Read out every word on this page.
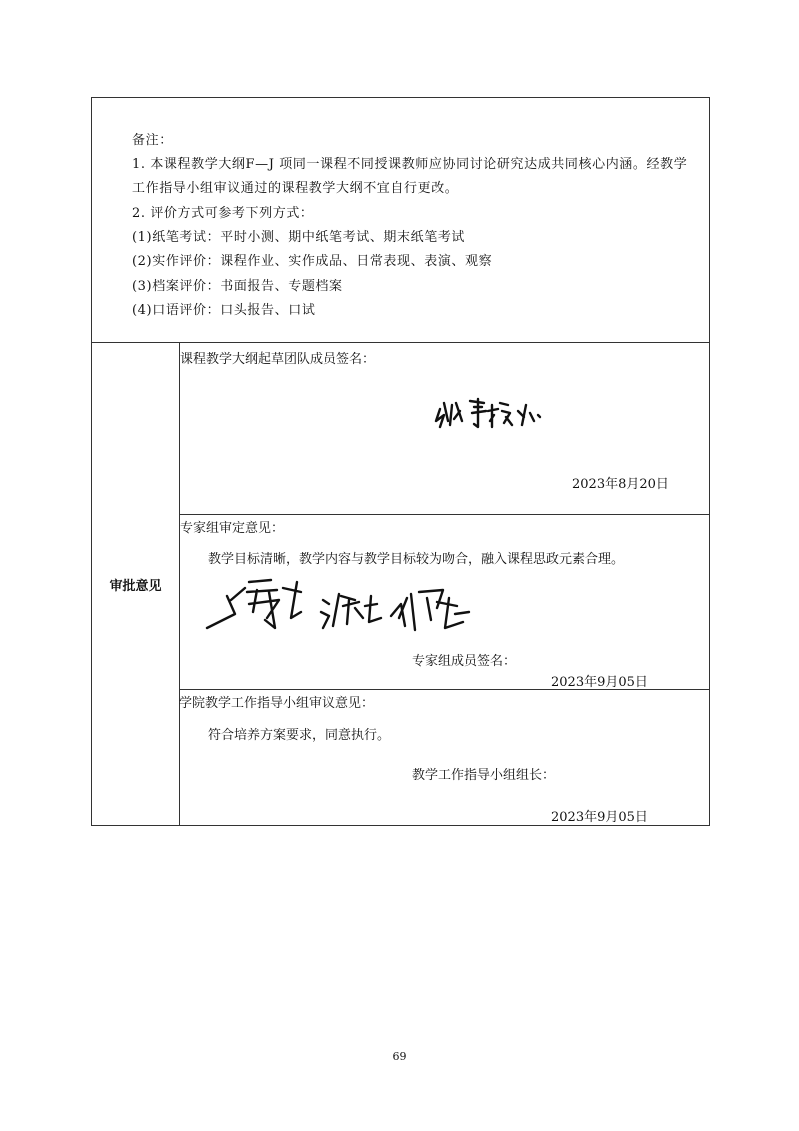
备注：
1. 本课程教学大纲F—J 项同一课程不同授课教师应协同讨论研究达成共同核心内涵。经教学
工作指导小组审议通过的课程教学大纲不宜自行更改。
2. 评价方式可参考下列方式：
(1)纸笔考试：平时小测、期中纸笔考试、期末纸笔考试
(2)实作评价：课程作业、实作成品、日常表现、表演、观察
(3)档案评价：书面报告、专题档案
(4)口语评价：口头报告、口试
审批意见
课程教学大纲起草团队成员签名：
2023年8月20日
专家组审定意见：
教学目标清晰，教学内容与教学目标较为吻合，融入课程思政元素合理。
专家组成员签名：
2023年9月05日
学院教学工作指导小组审议意见：
符合培养方案要求，同意执行。
教学工作指导小组组长：
2023年9月05日
69
